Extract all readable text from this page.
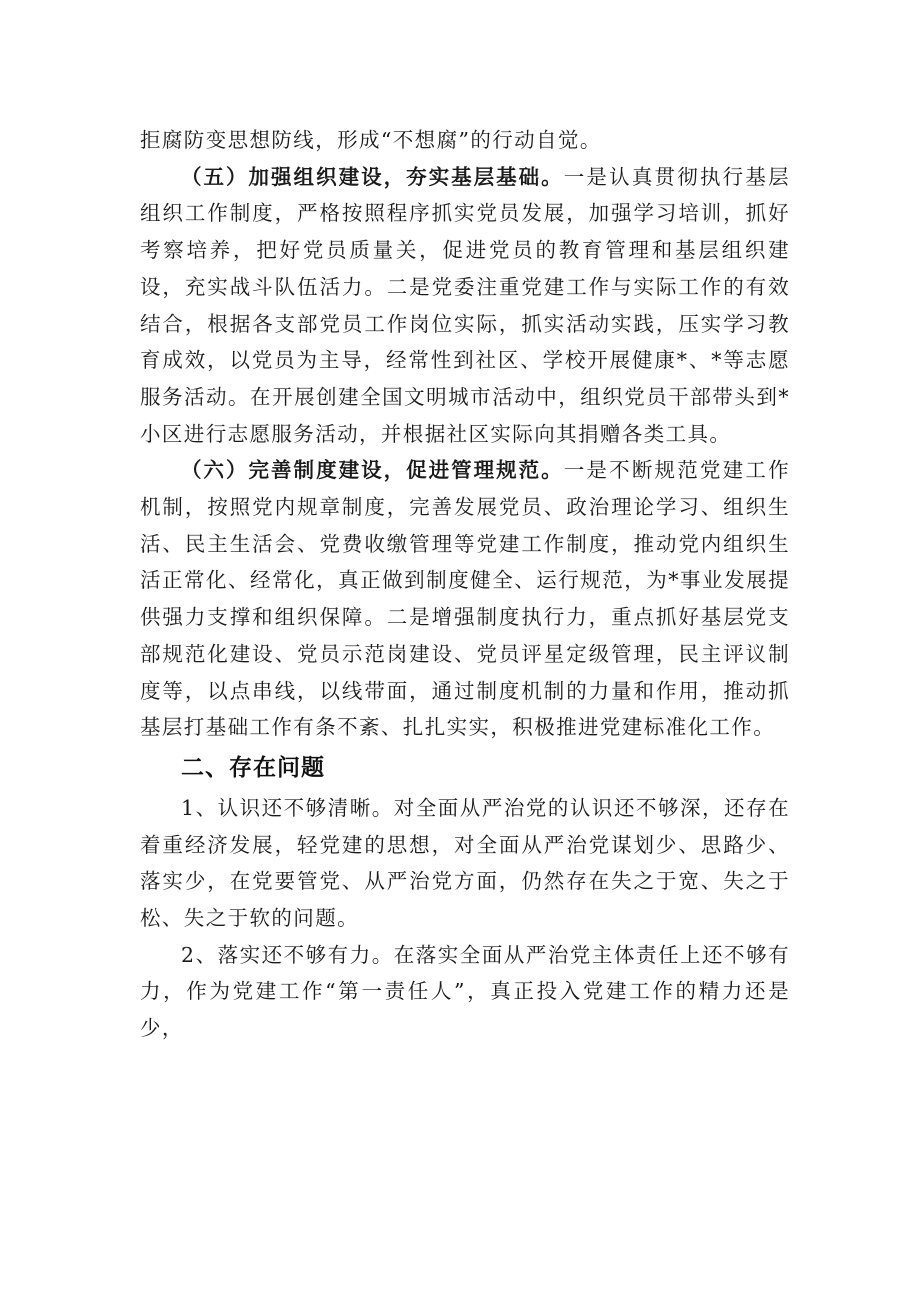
拒腐防变思想防线，形成“不想腐”的行动自觉。

（五）加强组织建设，夯实基层基础。一是认真贯彻执行基层组织工作制度，严格按照程序抓实党员发展，加强学习培训，抓好考察培养，把好党员质量关，促进党员的教育管理和基层组织建设，充实战斗队伍活力。二是党委注重党建工作与实际工作的有效结合，根据各支部党员工作岗位实际，抓实活动实践，压实学习教育成效，以党员为主导，经常性到社区、学校开展健康*、*等志愿服务活动。在开展创建全国文明城市活动中，组织党员干部带头到*小区进行志愿服务活动，并根据社区实际向其捐赠各类工具。

（六）完善制度建设，促进管理规范。一是不断规范党建工作机制，按照党内规章制度，完善发展党员、政治理论学习、组织生活、民主生活会、党费收缴管理等党建工作制度，推动党内组织生活正常化、经常化，真正做到制度健全、运行规范，为*事业发展提供强力支撑和组织保障。二是增强制度执行力，重点抓好基层党支部规范化建设、党员示范岗建设、党员评星定级管理，民主评议制度等，以点串线，以线带面，通过制度机制的力量和作用，推动抓基层打基础工作有条不紊、扎扎实实，积极推进党建标准化工作。

二、存在问题

1、认识还不够清晰。对全面从严治党的认识还不够深，还存在着重经济发展，轻党建的思想，对全面从严治党谋划少、思路少、落实少，在党要管党、从严治党方面，仍然存在失之于宽、失之于松、失之于软的问题。

2、落实还不够有力。在落实全面从严治党主体责任上还不够有力，作为党建工作“第一责任人”，真正投入党建工作的精力还是少，
